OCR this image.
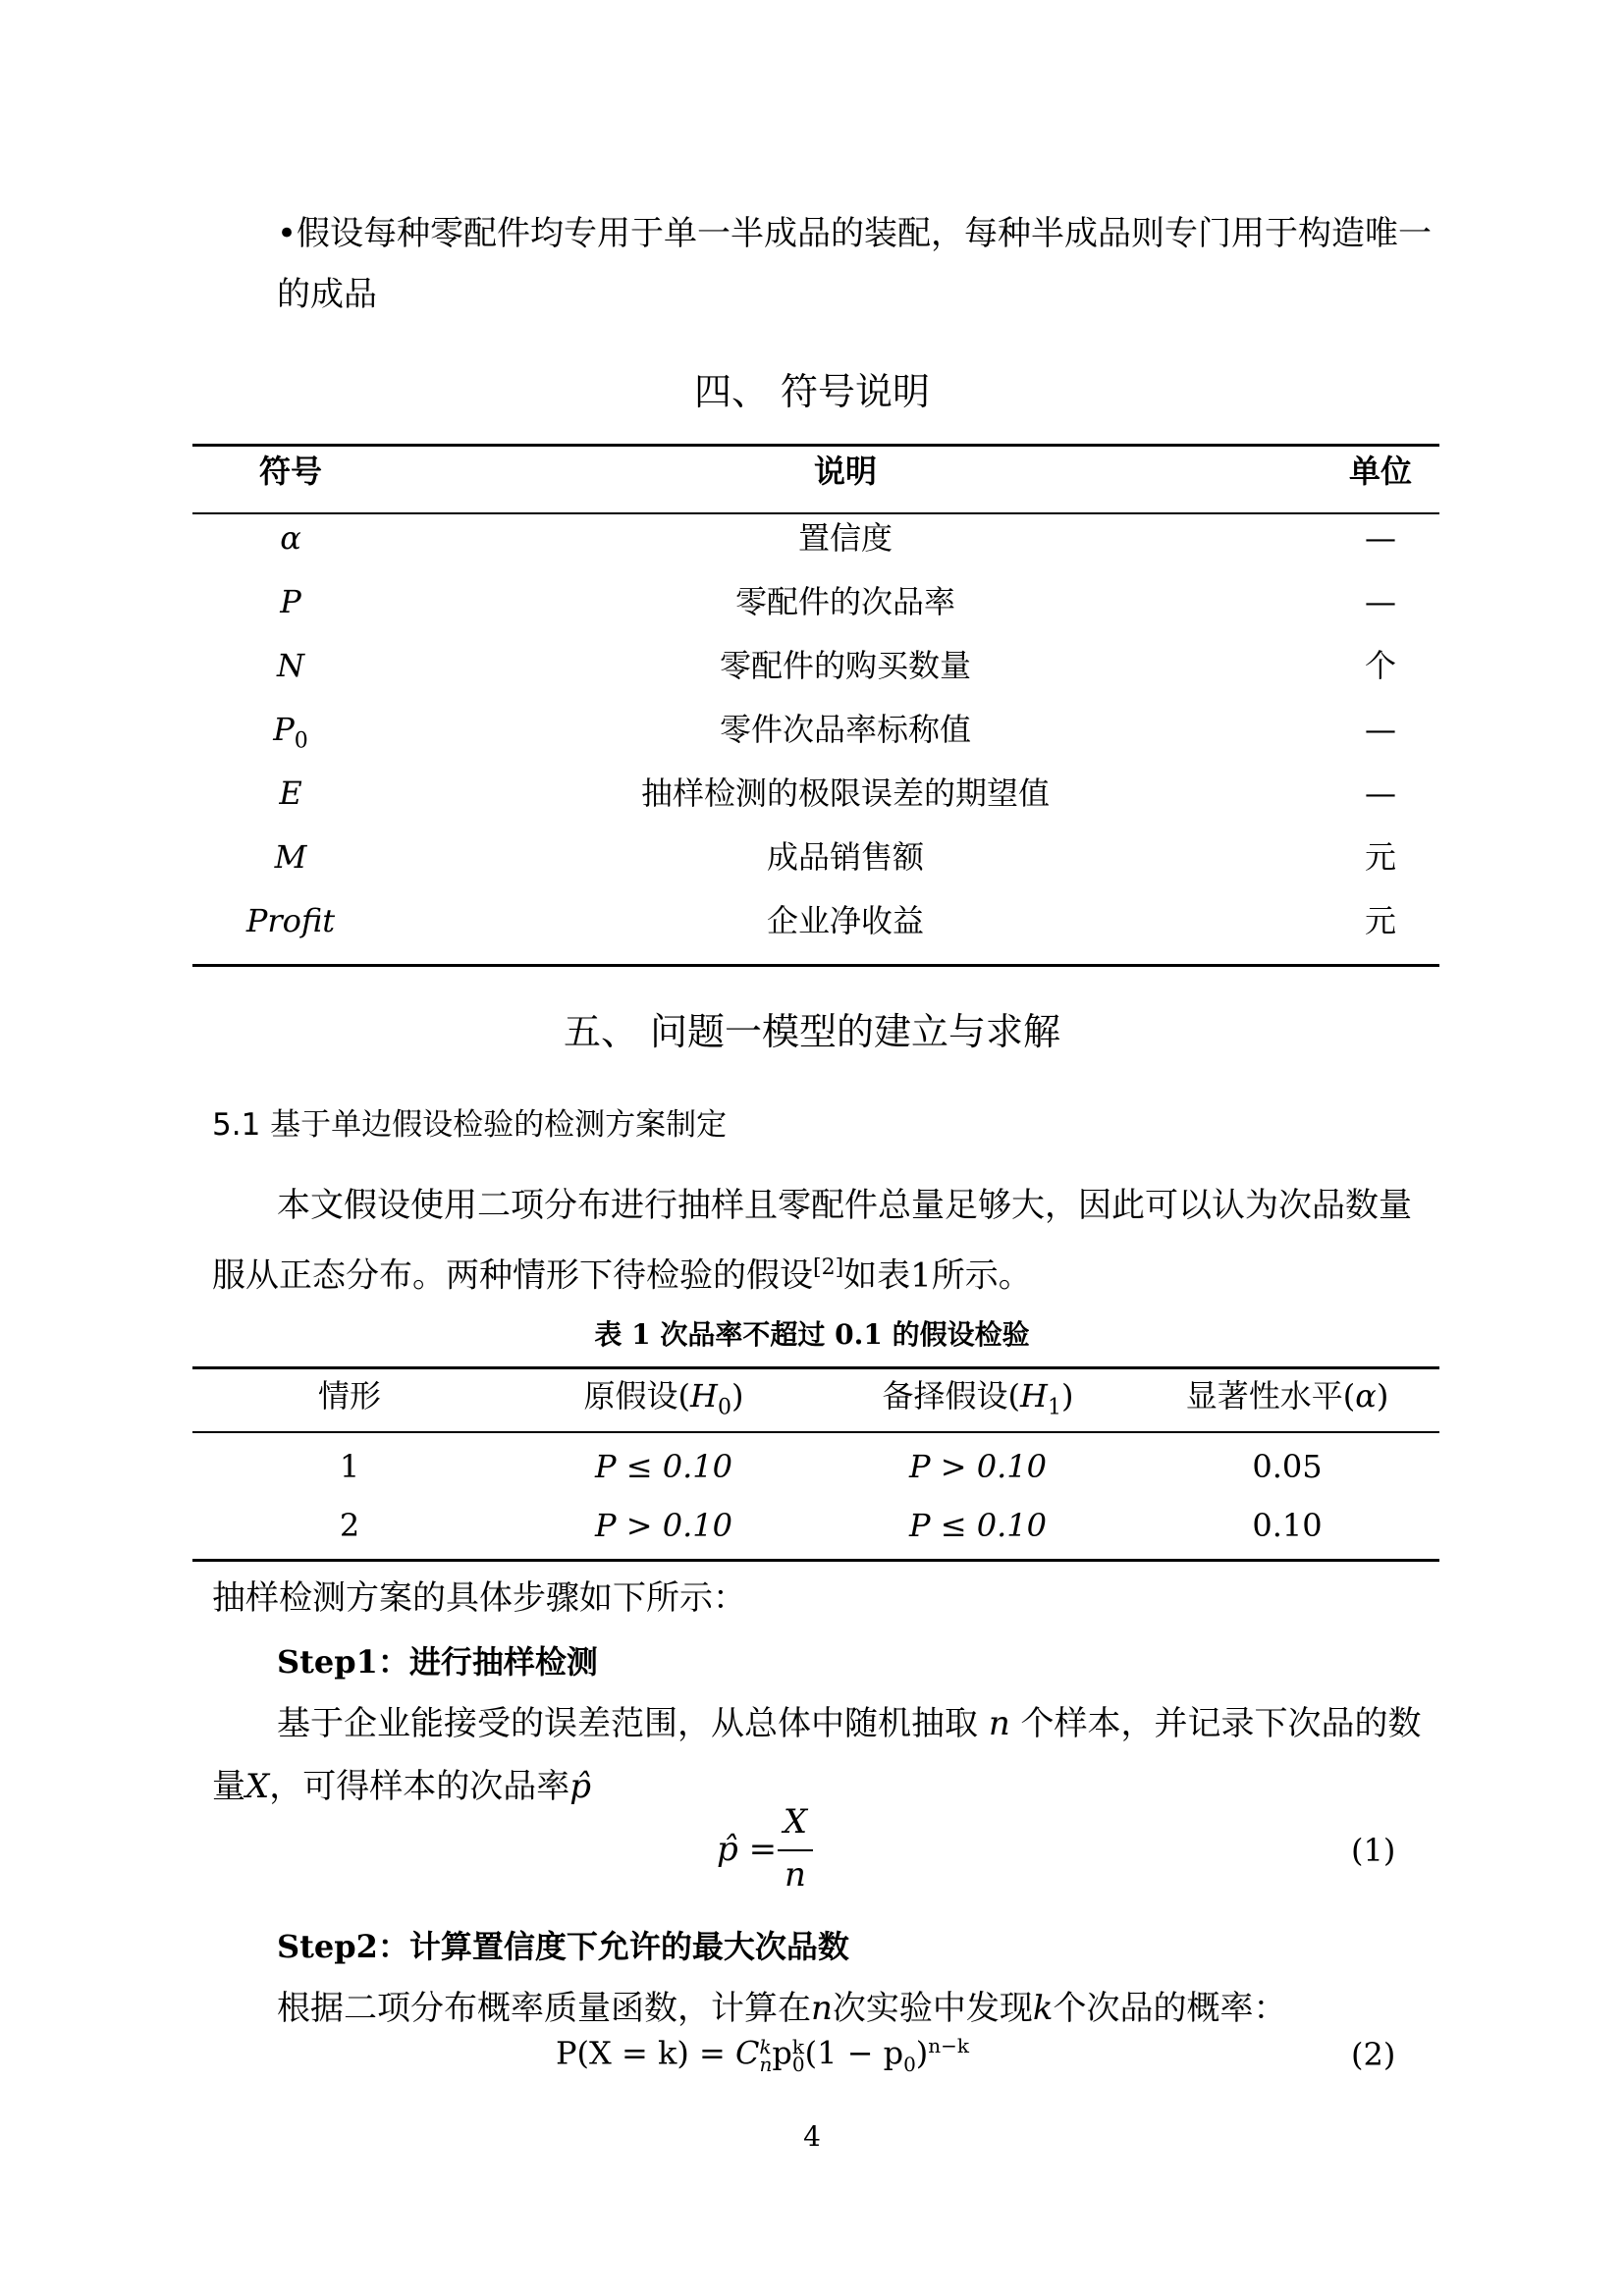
•假设每种零配件均专用于单一半成品的装配，每种半成品则专门用于构造唯一
的成品
四、 符号说明
符号	说明	单位
α	置信度	—
P	零配件的次品率	—
N	零配件的购买数量	个
$P_0$	零件次品率标称值	—
E	抽样检测的极限误差的期望值	—
M	成品销售额	元
Profit	企业净收益	元
五、 问题一模型的建立与求解
5.1 基于单边假设检验的检测方案制定
本文假设使用二项分布进行抽样且零配件总量足够大，因此可以认为次品数量
服从正态分布。两种情形下待检验的假设[2]如表1所示。
表 1 次品率不超过 0.1 的假设检验
情形	原假设$(H_0)$	备择假设$(H_1)$	显著性水平(α)
1	P ≤ 0.10	P > 0.10	0.05
2	P > 0.10	P ≤ 0.10	0.10
抽样检测方案的具体步骤如下所示：
Step1：进行抽样检测
基于企业能接受的误差范围，从总体中随机抽取 n 个样本，并记录下次品的数
量X，可得样本的次品率p̂
p̂ =
X
n
(1)
Step2：计算置信度下允许的最大次品数
根据二项分布概率质量函数，计算在n次实验中发现k个次品的概率：
P(X = k) = C k
n p k
0 $(1 - p_0)^{n-k}$	(2)
4
